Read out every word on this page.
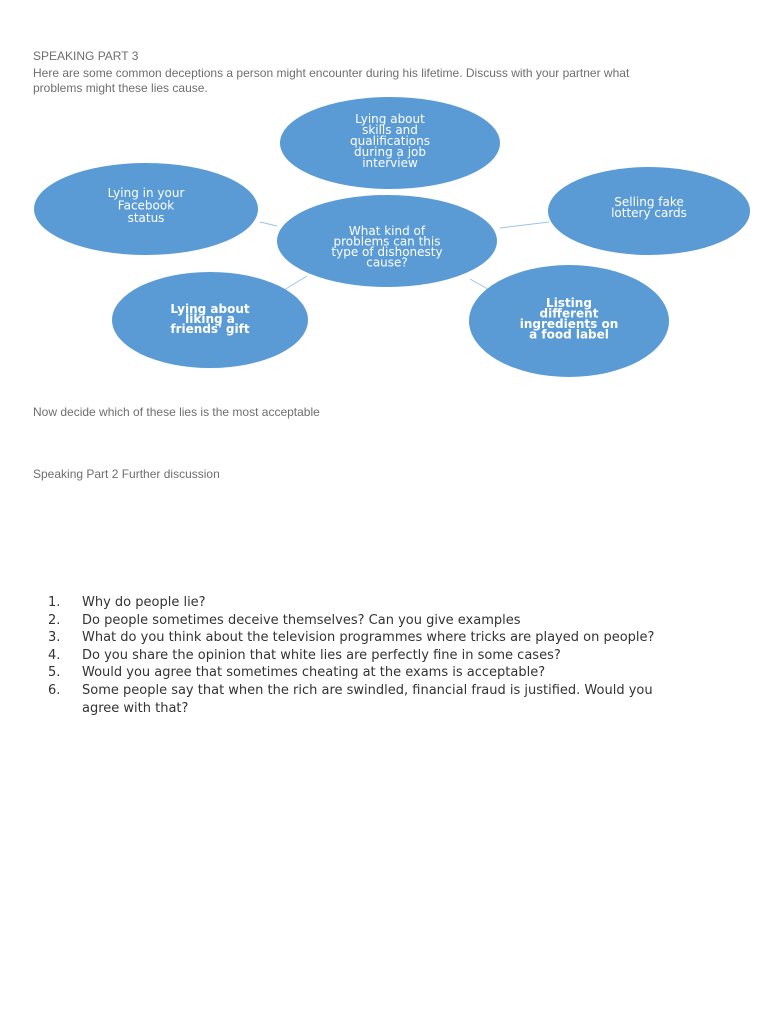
SPEAKING PART 3
Here are some common deceptions a person might encounter during his lifetime. Discuss with your partner what
problems might these lies cause.
Lying about
skills and
qualifications
during a job
interview
Lying in your
Facebook
status
Selling fake
lottery cards
Lying about
liking a
friends' gift
Listing
different
ingredients on
a food label
What kind of
problems can this
type of dishonesty
cause?
Now decide which of these lies is the most acceptable
Speaking Part 2 Further discussion
1. Why do people lie?
2. Do people sometimes deceive themselves? Can you give examples
3. What do you think about the television programmes where tricks are played on people?
4. Do you share the opinion that white lies are perfectly fine in some cases?
5. Would you agree that sometimes cheating at the exams is acceptable?
6. Some people say that when the rich are swindled, financial fraud is justified. Would you
agree with that?
